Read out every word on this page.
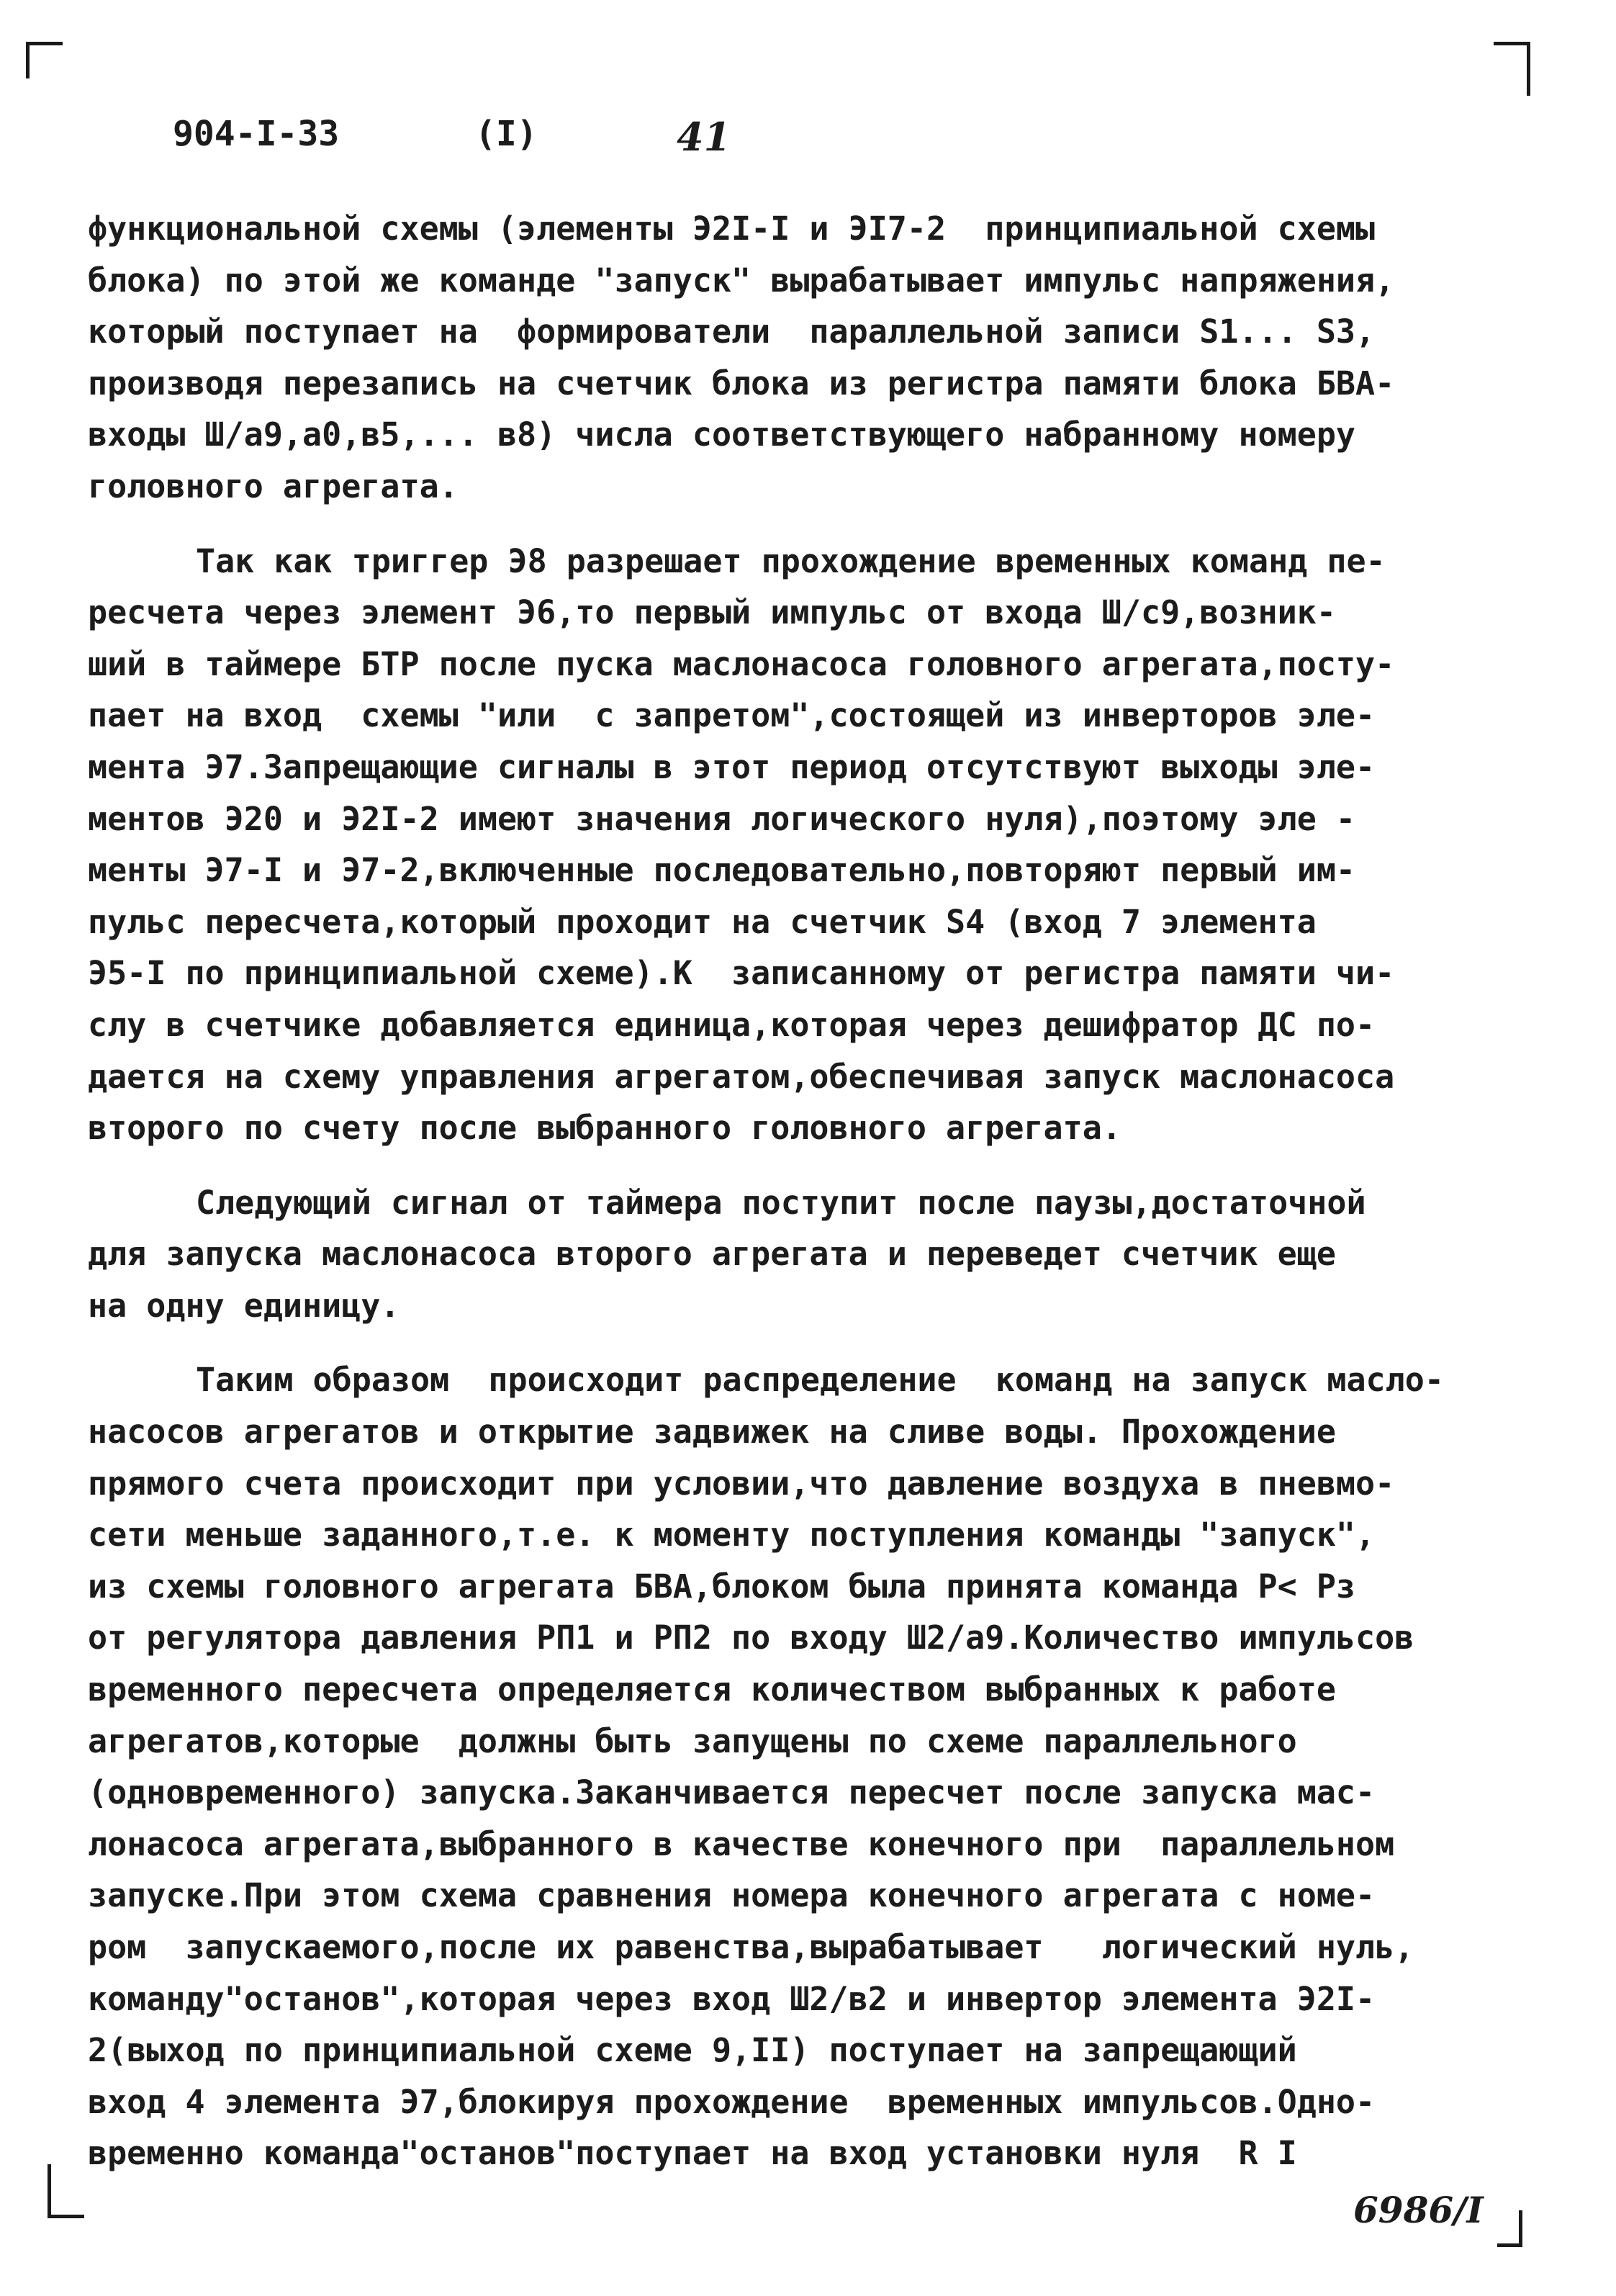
904-I-33

	(I)

	41

функциональной схемы (элементы Э2I-I и ЭI7-2  принципиальной схемы
блока) по этой же команде "запуск" вырабатывает импульс напряжения,
который поступает на  формирователи  параллельной записи S1... S3,
производя перезапись на счетчик блока из регистра памяти блока БВА-
входы Ш/а9,а0,в5,... в8) числа соответствующего набранному номеру
головного агрегата.
Так как триггер Э8 разрешает прохождение временных команд пе-
ресчета через элемент Э6,то первый импульс от входа Ш/с9,возник-
ший в таймере БТР после пуска маслонасоса головного агрегата,посту-
пает на вход  схемы "или  с запретом",состоящей из инверторов эле-
мента Э7.Запрещающие сигналы в этот период отсутствуют выходы эле-
ментов Э20 и Э2I-2 имеют значения логического нуля),поэтому эле -
менты Э7-I и Э7-2,включенные последовательно,повторяют первый им-
пульс пересчета,который проходит на счетчик S4 (вход 7 элемента
Э5-I по принципиальной схеме).К  записанному от регистра памяти чи-
слу в счетчике добавляется единица,которая через дешифратор ДС по-
дается на схему управления агрегатом,обеспечивая запуск маслонасоса
второго по счету после выбранного головного агрегата.
Следующий сигнал от таймера поступит после паузы,достаточной
для запуска маслонасоса второго агрегата и переведет счетчик еще
на одну единицу.
Таким образом  происходит распределение  команд на запуск масло-
насосов агрегатов и открытие задвижек на сливе воды. Прохождение
прямого счета происходит при условии,что давление воздуха в пневмо-
сети меньше заданного,т.е. к моменту поступления команды "запуск",
из схемы головного агрегата БВА,блоком была принята команда P< Pз
от регулятора давления РП1 и РП2 по входу Ш2/а9.Количество импульсов
временного пересчета определяется количеством выбранных к работе
агрегатов,которые  должны быть запущены по схеме параллельного
(одновременного) запуска.Заканчивается пересчет после запуска мас-
лонасоса агрегата,выбранного в качестве конечного при  параллельном
запуске.При этом схема сравнения номера конечного агрегата с номе-
ром  запускаемого,после их равенства,вырабатывает   логический нуль,
команду"останов",которая через вход Ш2/в2 и инвертор элемента Э2I-
2(выход по принципиальной схеме 9,II) поступает на запрещающий
вход 4 элемента Э7,блокируя прохождение  временных импульсов.Одно-
временно команда"останов"поступает на вход установки нуля  R I
6986/I
